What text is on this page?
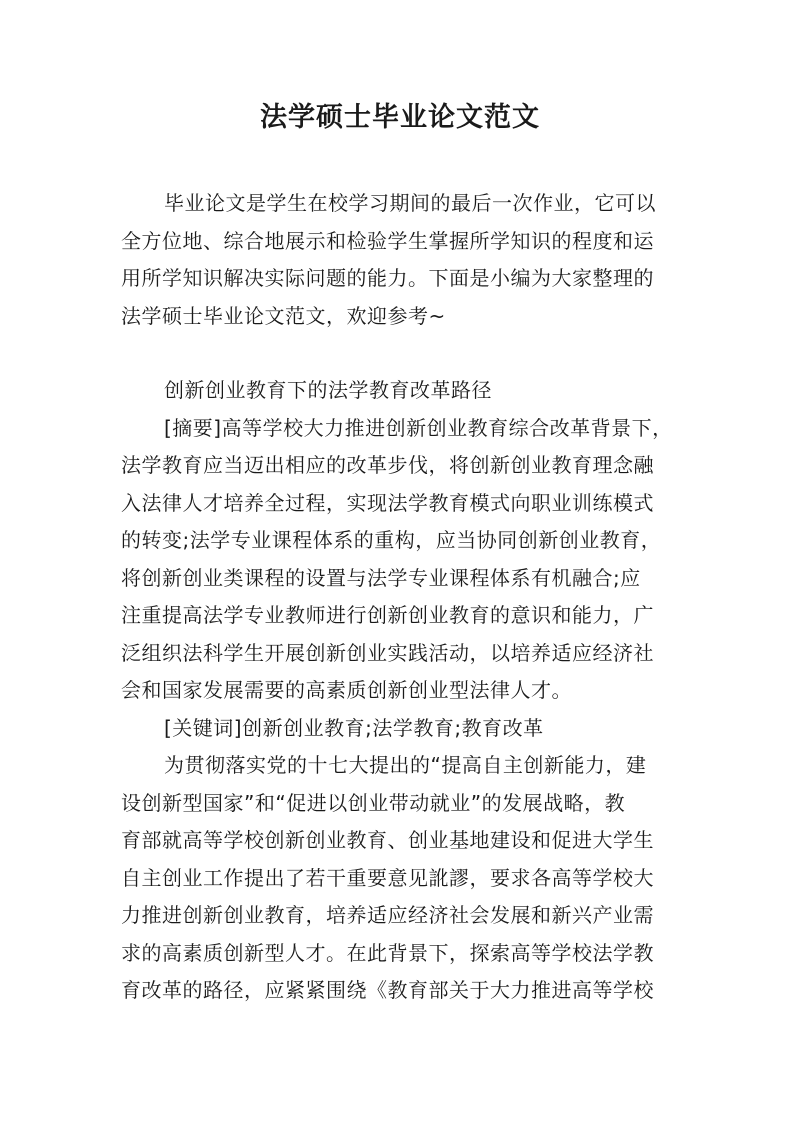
法学硕士毕业论文范文
毕业论文是学生在校学习期间的最后一次作业，它可以
全方位地、综合地展示和检验学生掌握所学知识的程度和运
用所学知识解决实际问题的能力。下面是小编为大家整理的
法学硕士毕业论文范文，欢迎参考~
创新创业教育下的法学教育改革路径
[摘要]高等学校大力推进创新创业教育综合改革背景下，
法学教育应当迈出相应的改革步伐，将创新创业教育理念融
入法律人才培养全过程，实现法学教育模式向职业训练模式
的转变;法学专业课程体系的重构，应当协同创新创业教育，
将创新创业类课程的设置与法学专业课程体系有机融合;应
注重提高法学专业教师进行创新创业教育的意识和能力，广
泛组织法科学生开展创新创业实践活动，以培养适应经济社
会和国家发展需要的高素质创新创业型法律人才。
[关键词]创新创业教育;法学教育;教育改革
为贯彻落实党的十七大提出的“提高自主创新能力，建
设创新型国家”和“促进以创业带动就业”的发展战略，教
育部就高等学校创新创业教育、创业基地建设和促进大学生
自主创业工作提出了若干重要意见訛謬，要求各高等学校大
力推进创新创业教育，培养适应经济社会发展和新兴产业需
求的高素质创新型人才。在此背景下，探索高等学校法学教
育改革的路径，应紧紧围绕《教育部关于大力推进高等学校
